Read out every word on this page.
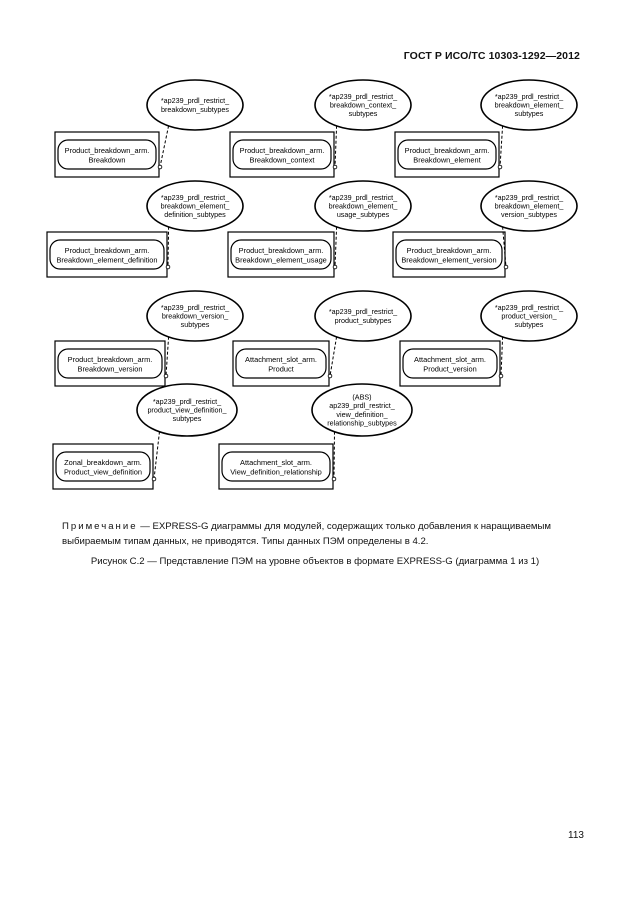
ГОСТ Р ИСО/ТС 10303-1292—2012
Product_breakdown_arm.
Breakdown
*ap239_prdl_restrict_
breakdown_subtypes
Product_breakdown_arm.
Breakdown_context
*ap239_prdl_restrict_
breakdown_context_
subtypes
Product_breakdown_arm.
Breakdown_element
*ap239_prdl_restrict_
breakdown_element_
subtypes
Product_breakdown_arm.
Breakdown_element_definition
*ap239_prdl_restrict_
breakdown_element_
definition_subtypes
Product_breakdown_arm.
Breakdown_element_usage
*ap239_prdl_restrict_
breakdown_element_
usage_subtypes
Product_breakdown_arm.
Breakdown_element_version
*ap239_prdl_restrict_
breakdown_element_
version_subtypes
Product_breakdown_arm.
Breakdown_version
*ap239_prdl_restrict_
breakdown_version_
subtypes
Attachment_slot_arm.
Product
*ap239_prdl_restrict_
product_subtypes
Attachment_slot_arm.
Product_version
*ap239_prdl_restrict_
product_version_
subtypes
Zonal_breakdown_arm.
Product_view_definition
*ap239_prdl_restrict_
product_view_definition_
subtypes
Attachment_slot_arm.
View_definition_relationship
(ABS)
ap239_prdl_restrict_
view_definition_
relationship_subtypes
Примечание — EXPRESS-G диаграммы для модулей, содержащих только добавления к наращиваемым выбираемым типам данных, не приводятся. Типы данных ПЭМ определены в 4.2.
Рисунок С.2 — Представление ПЭМ на уровне объектов в формате EXPRESS-G (диаграмма 1 из 1)
113
